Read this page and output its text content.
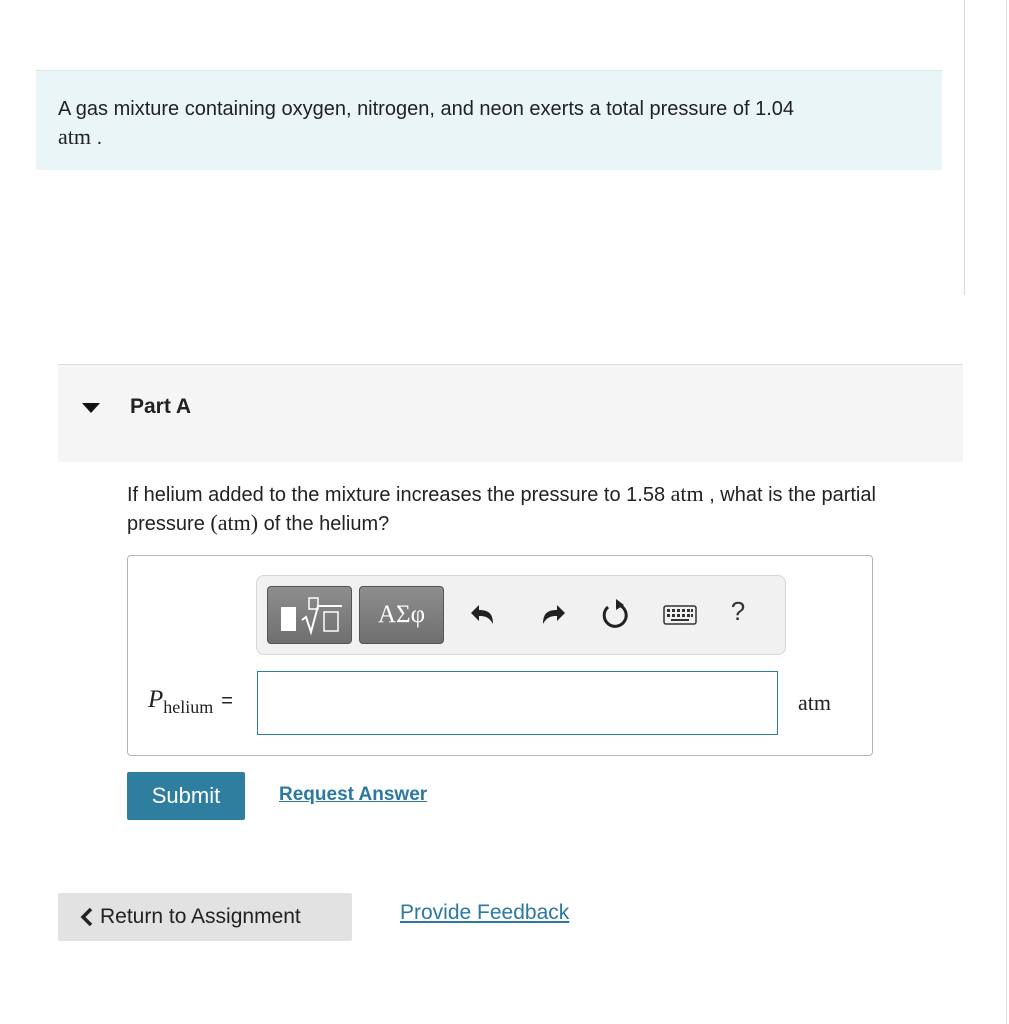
A gas mixture containing oxygen, nitrogen, and neon exerts a total pressure of 1.04
atm .
Part A
If helium added to the mixture increases the pressure to 1.58 atm , what is the partial pressure (atm) of the helium?
ΑΣφ	?
$P_{helium}$ =	atm
Submit	Request Answer
Return to Assignment	Provide Feedback
